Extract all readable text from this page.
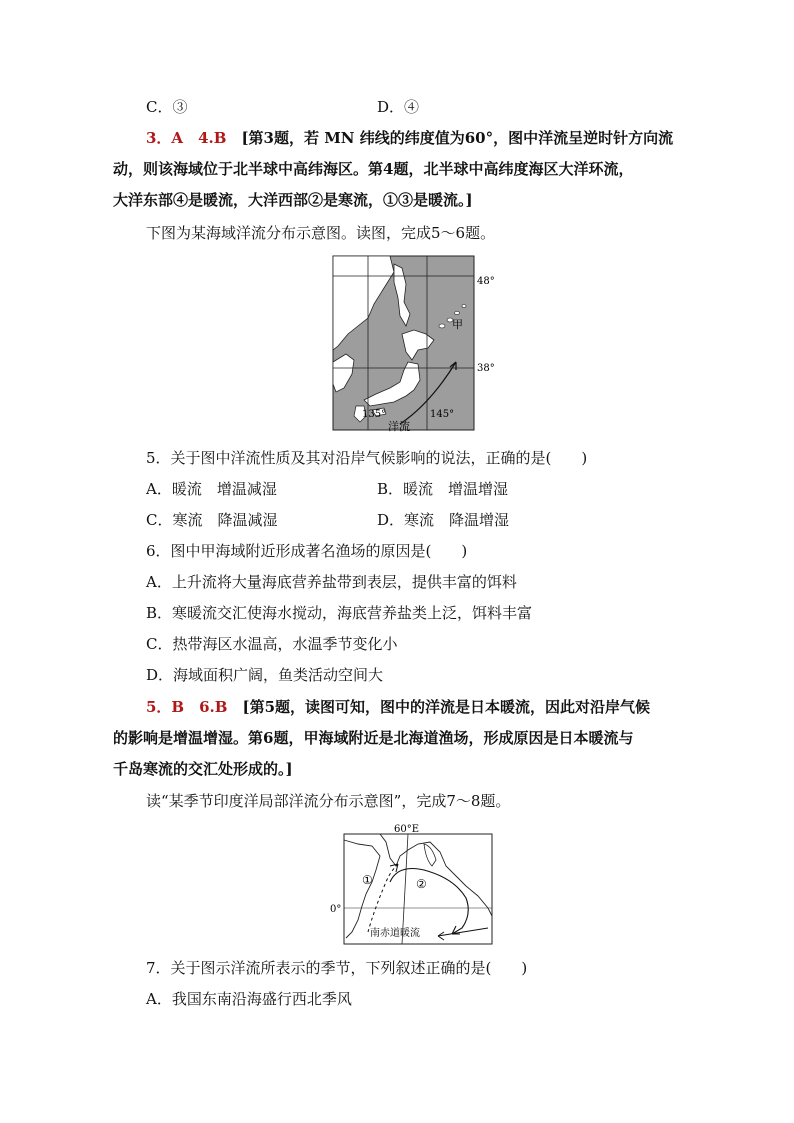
C．③	D．④
3．A　4.B　 [第3题，若 MN 纬线的纬度值为60°，图中洋流呈逆时针方向流
动，则该海域位于北半球中高纬海区。第4题，北半球中高纬度海区大洋环流，
大洋东部④是暖流，大洋西部②是寒流，①③是暖流。]
下图为某海域洋流分布示意图。读图，完成5～6题。
48°
38°
135°	145°
甲
洋流
5．关于图中洋流性质及其对沿岸气候影响的说法，正确的是(　　)
A．暖流　增温减湿	B．暖流　增温增湿
C．寒流　降温减湿	D．寒流　降温增湿
6．图中甲海域附近形成著名渔场的原因是(　　)
A．上升流将大量海底营养盐带到表层，提供丰富的饵料
B．寒暖流交汇使海水搅动，海底营养盐类上泛，饵料丰富
C．热带海区水温高，水温季节变化小
D．海域面积广阔，鱼类活动空间大
5．B　6.B　 [第5题，读图可知，图中的洋流是日本暖流，因此对沿岸气候
的影响是增温增湿。第6题，甲海域附近是北海道渔场，形成原因是日本暖流与
千岛寒流的交汇处形成的。]
读“某季节印度洋局部洋流分布示意图”，完成7～8题。
60°E
0°
①	②
南赤道暖流
7．关于图示洋流所表示的季节，下列叙述正确的是(　　)
A．我国东南沿海盛行西北季风
